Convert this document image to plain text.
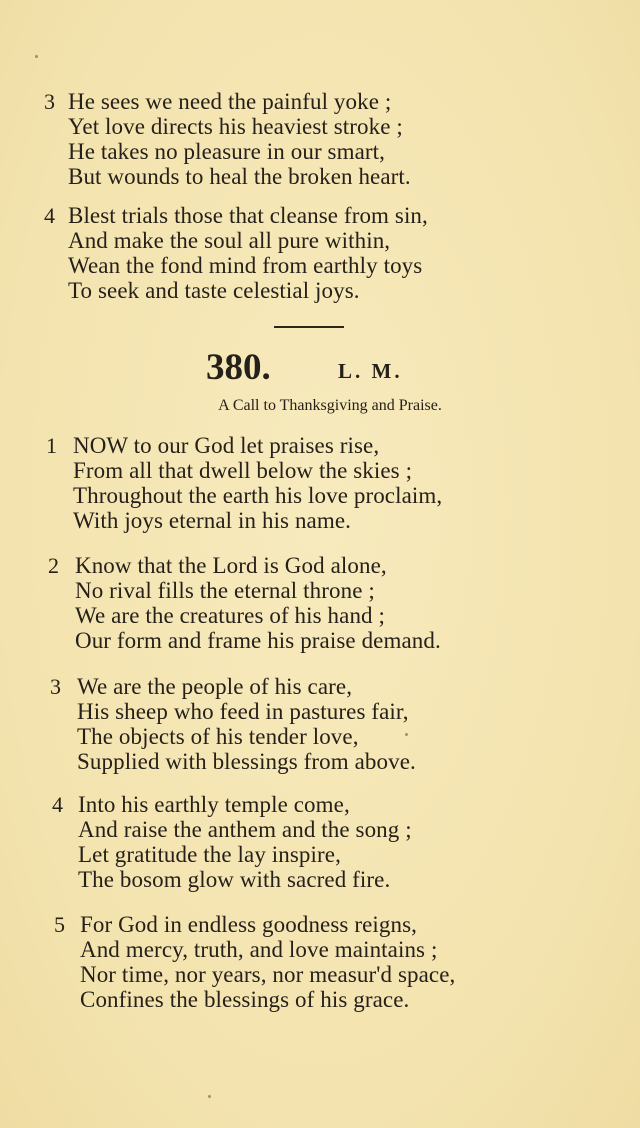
3 He sees we need the painful yoke ;
Yet love directs his heaviest stroke ;
He takes no pleasure in our smart,
But wounds to heal the broken heart.
4 Blest trials those that cleanse from sin,
And make the soul all pure within,
Wean the fond mind from earthly toys
To seek and taste celestial joys.
380.	L. M.
A Call to Thanksgiving and Praise.
1 NOW to our God let praises rise,
From all that dwell below the skies ;
Throughout the earth his love proclaim,
With joys eternal in his name.
2 Know that the Lord is God alone,
No rival fills the eternal throne ;
We are the creatures of his hand ;
Our form and frame his praise demand.
3 We are the people of his care,
His sheep who feed in pastures fair,
The objects of his tender love,
Supplied with blessings from above.
4 Into his earthly temple come,
And raise the anthem and the song ;
Let gratitude the lay inspire,
The bosom glow with sacred fire.
5 For God in endless goodness reigns,
And mercy, truth, and love maintains ;
Nor time, nor years, nor measur'd space,
Confines the blessings of his grace.
